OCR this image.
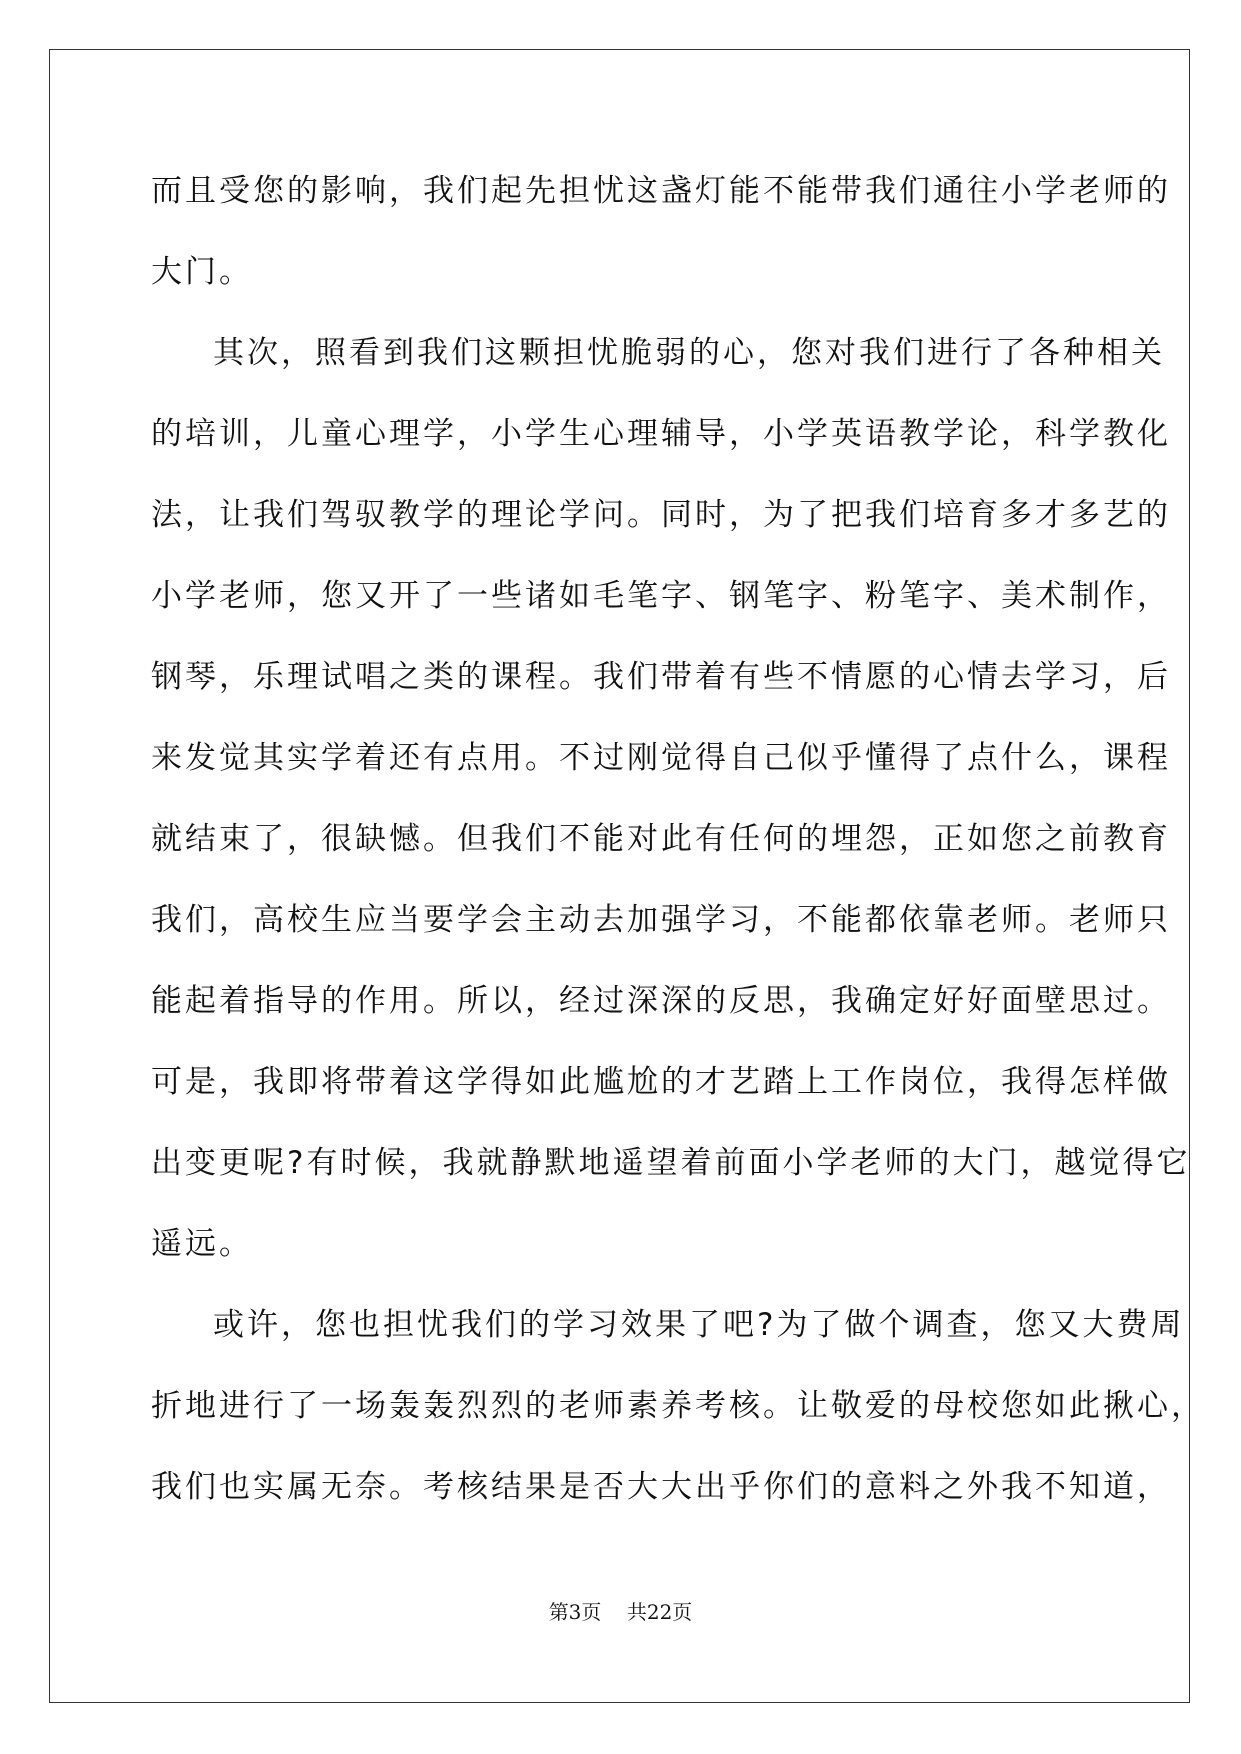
而且受您的影响，我们起先担忧这盏灯能不能带我们通往小学老师的
大门。
其次，照看到我们这颗担忧脆弱的心，您对我们进行了各种相关
的培训，儿童心理学，小学生心理辅导，小学英语教学论，科学教化
法，让我们驾驭教学的理论学问。同时，为了把我们培育多才多艺的
小学老师，您又开了一些诸如毛笔字、钢笔字、粉笔字、美术制作，
钢琴，乐理试唱之类的课程。我们带着有些不情愿的心情去学习，后
来发觉其实学着还有点用。不过刚觉得自己似乎懂得了点什么，课程
就结束了，很缺憾。但我们不能对此有任何的埋怨，正如您之前教育
我们，高校生应当要学会主动去加强学习，不能都依靠老师。老师只
能起着指导的作用。所以，经过深深的反思，我确定好好面壁思过。
可是，我即将带着这学得如此尴尬的才艺踏上工作岗位，我得怎样做
出变更呢?有时候，我就静默地遥望着前面小学老师的大门，越觉得它
遥远。
或许，您也担忧我们的学习效果了吧?为了做个调查，您又大费周
折地进行了一场轰轰烈烈的老师素养考核。让敬爱的母校您如此揪心，
我们也实属无奈。考核结果是否大大出乎你们的意料之外我不知道，
第3页 共22页
